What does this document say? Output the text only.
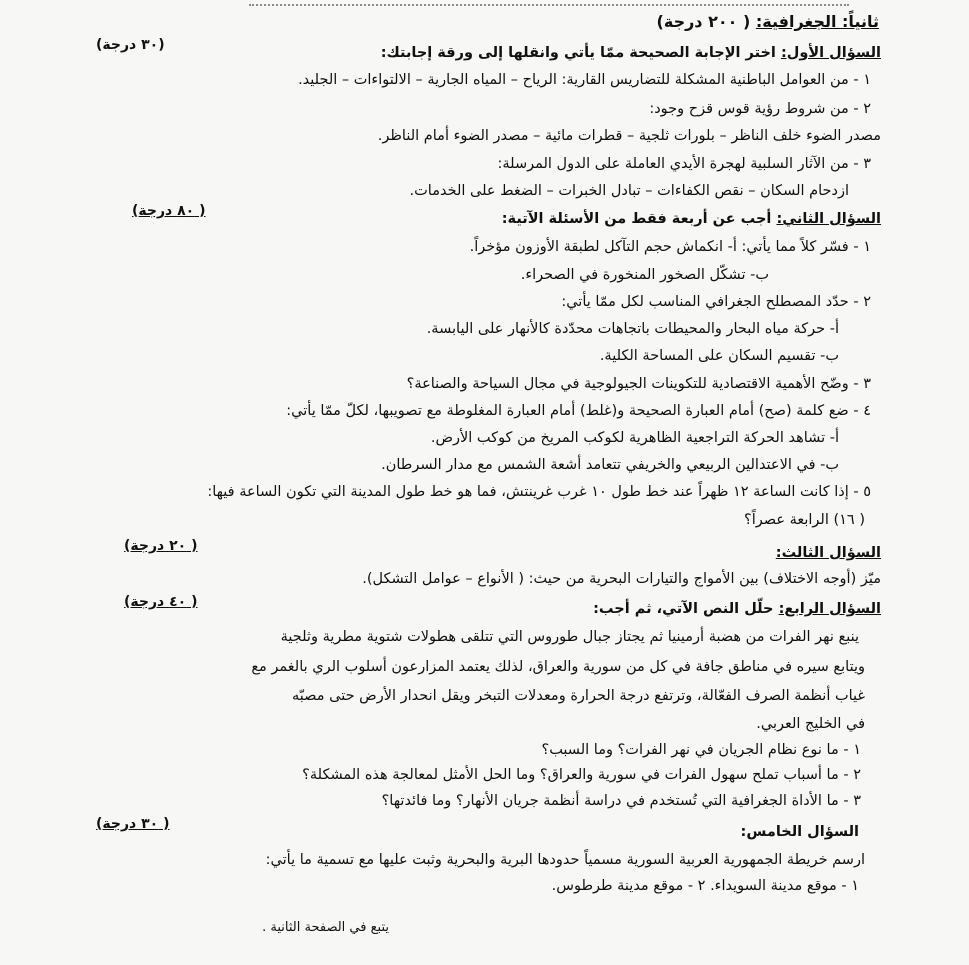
ثانياً: الجغرافية: ( ٢٠٠ درجة)
(٣٠ درجة)	السؤال الأول: اختر الإجابة الصحيحة ممّا يأتي وانقلها إلى ورقة إجابتك:
١ - من العوامل الباطنية المشكلة للتضاريس القارية: الرياح – المياه الجارية – الالتواءات – الجليد.
٢ - من شروط رؤية قوس قزح وجود:
مصدر الضوء خلف الناظر – بلورات ثلجية – قطرات مائية – مصدر الضوء أمام الناظر.
٣ - من الآثار السلبية لهجرة الأيدي العاملة على الدول المرسلة:
ازدحام السكان – نقص الكفاءات – تبادل الخبرات – الضغط على الخدمات.
( ٨٠ درجة)	السؤال الثاني: أجب عن أربعة فقط من الأسئلة الآتية:
١ - فسّر كلاً مما يأتي: أ- انكماش حجم التآكل لطبقة الأوزون مؤخراً.
ب- تشكّل الصخور المنخورة في الصحراء.
٢ - حدّد المصطلح الجغرافي المناسب لكل ممّا يأتي:
أ- حركة مياه البحار والمحيطات باتجاهات محدّدة كالأنهار على اليابسة.
ب- تقسيم السكان على المساحة الكلية.
٣ - وضّح الأهمية الاقتصادية للتكوينات الجيولوجية في مجال السياحة والصناعة؟
٤ - ضع كلمة (صح) أمام العبارة الصحيحة و(غلط) أمام العبارة المغلوطة مع تصويبها، لكلّ ممّا يأتي:
أ- تشاهد الحركة التراجعية الظاهرية لكوكب المريخ من كوكب الأرض.
ب- في الاعتدالين الربيعي والخريفي تتعامد أشعة الشمس مع مدار السرطان.
٥ - إذا كانت الساعة ١٢ ظهراً عند خط طول ١٠ غرب غرينتش، فما هو خط طول المدينة التي تكون الساعة فيها:
( ١٦) الرابعة عصراً؟
( ٢٠ درجة)	السؤال الثالث:
ميّز (أوجه الاختلاف) بين الأمواج والتيارات البحرية من حيث: ( الأنواع – عوامل التشكل).
( ٤٠ درجة)	السؤال الرابع: حلّل النص الآتي، ثم أجب:
ينبع نهر الفرات من هضبة أرمينيا ثم يجتاز جبال طوروس التي تتلقى هطولات شتوية مطرية وثلجية
ويتابع سيره في مناطق جافة في كل من سورية والعراق، لذلك يعتمد المزارعون أسلوب الري بالغمر مع
غياب أنظمة الصرف الفعّالة، وترتفع درجة الحرارة ومعدلات التبخر ويقل انحدار الأرض حتى مصبّه
في الخليج العربي.
١ - ما نوع نظام الجريان في نهر الفرات؟ وما السبب؟
٢ - ما أسباب تملح سهول الفرات في سورية والعراق؟ وما الحل الأمثل لمعالجة هذه المشكلة؟
٣ - ما الأداة الجغرافية التي تُستخدم في دراسة أنظمة جريان الأنهار؟ وما فائدتها؟
( ٣٠ درجة)	السؤال الخامس:
ارسم خريطة الجمهورية العربية السورية مسمياً حدودها البرية والبحرية وثبت عليها مع تسمية ما يأتي:
١ - موقع مدينة السويداء. ٢ - موقع مدينة طرطوس.
يتبع في الصفحة الثانية .
